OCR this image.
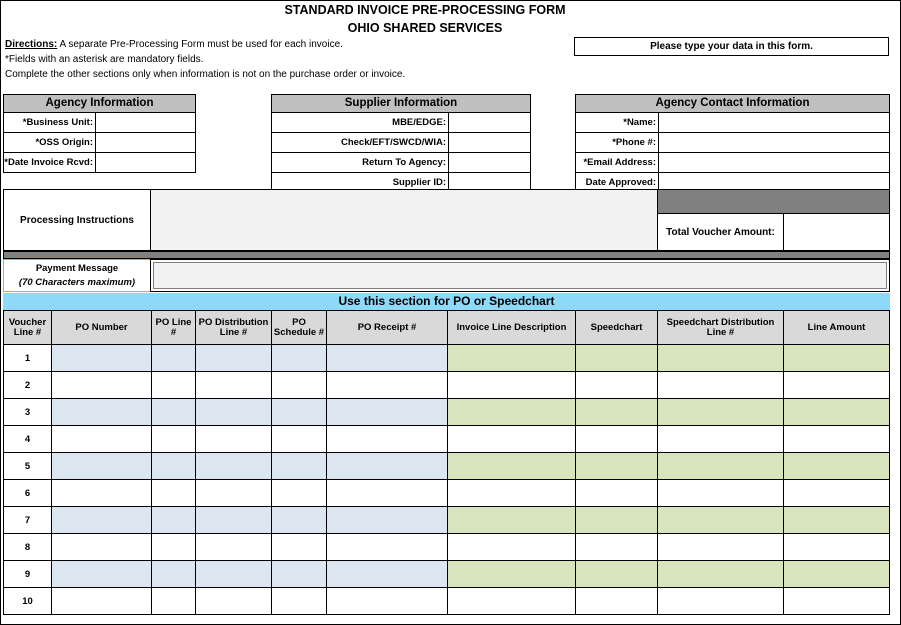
STANDARD INVOICE PRE-PROCESSING FORM
OHIO SHARED SERVICES
Directions: A separate Pre-Processing Form must be used for each invoice.
*Fields with an asterisk are mandatory fields.
Complete the other sections only when information is not on the purchase order or invoice.
Please type your data in this form.
Agency Information
*Business Unit:
*OSS Origin:
*Date Invoice Rcvd:
Supplier Information
MBE/EDGE:
Check/EFT/SWCD/WIA:
Return To Agency:
Supplier ID:
Agency Contact Information
*Name:
*Phone #:
*Email Address:
Date Approved:
Processing Instructions
Total Voucher Amount:
Payment Message
(70 Characters maximum)
Use this section for PO or Speedchart
Voucher Line #	PO Number	PO Line #	PO Distribution Line #	PO Schedule #	PO Receipt #	Invoice Line Description	Speedchart	Speedchart Distribution Line #	Line Amount
1									
2									
3									
4									
5									
6									
7									
8									
9									
10									
